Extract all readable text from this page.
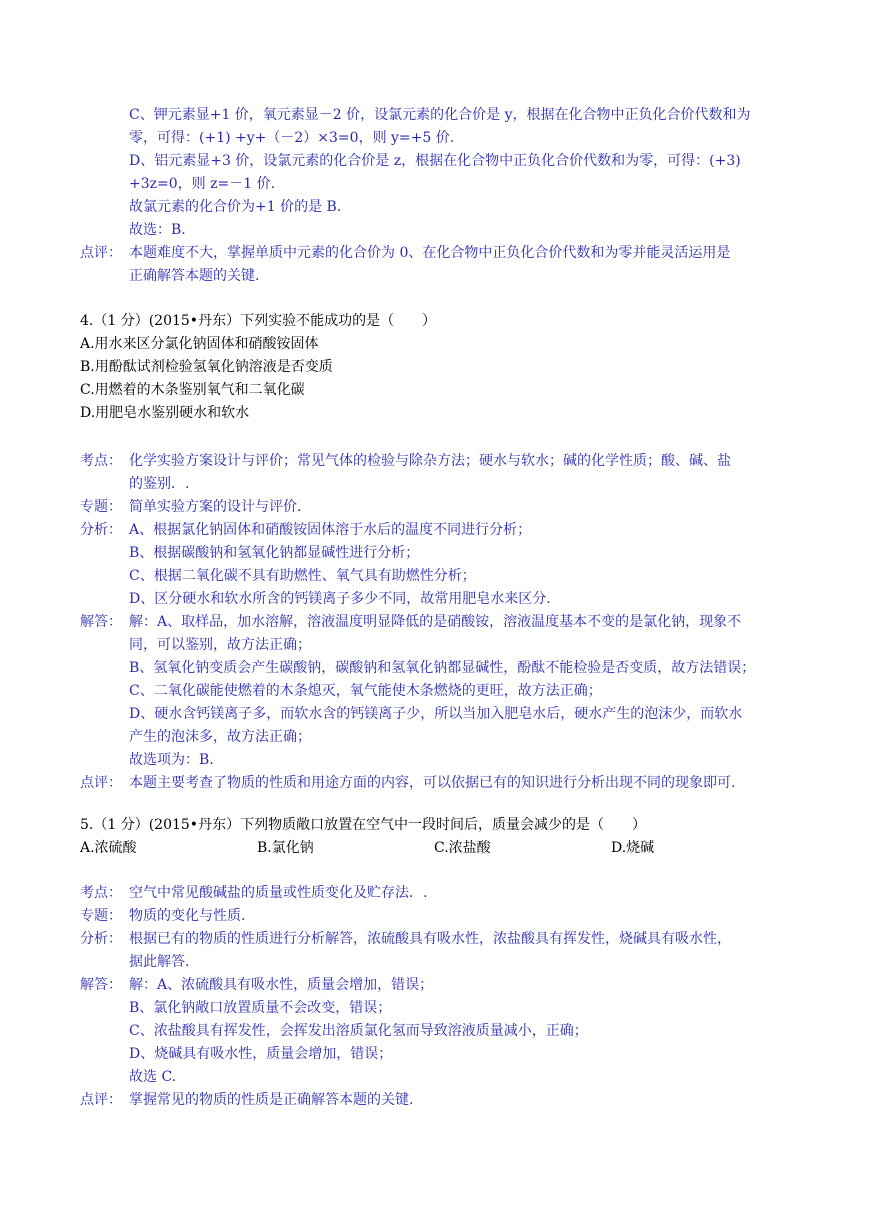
C、钾元素显+1 价，氧元素显－2 价，设氯元素的化合价是 y，根据在化合物中正负化合价代数和为
零，可得：(+1) +y+（－2）×3=0，则 y=+5 价.
D、铝元素显+3 价，设氯元素的化合价是 z，根据在化合物中正负化合价代数和为零，可得：(+3)
+3z=0，则 z=－1 价.
故氯元素的化合价为+1 价的是 B.
故选：B.
点评： 本题难度不大，掌握单质中元素的化合价为 0、在化合物中正负化合价代数和为零并能灵活运用是
正确解答本题的关键.
4.（1 分）(2015•丹东）下列实验不能成功的是（　　）
A.用水来区分氯化钠固体和硝酸铵固体
B.用酚酞试剂检验氢氧化钠溶液是否变质
C.用燃着的木条鉴别氧气和二氧化碳
D.用肥皂水鉴别硬水和软水
考点： 化学实验方案设计与评价；常见气体的检验与除杂方法；硬水与软水；碱的化学性质；酸、碱、盐
的鉴别．.
专题： 简单实验方案的设计与评价．
分析： A、根据氯化钠固体和硝酸铵固体溶于水后的温度不同进行分析；
B、根据碳酸钠和氢氧化钠都显碱性进行分析；
C、根据二氧化碳不具有助燃性、氧气具有助燃性分析；
D、区分硬水和软水所含的钙镁离子多少不同，故常用肥皂水来区分.
解答： 解：A、取样品，加水溶解，溶液温度明显降低的是硝酸铵，溶液温度基本不变的是氯化钠，现象不
同，可以鉴别，故方法正确；
B、氢氧化钠变质会产生碳酸钠，碳酸钠和氢氧化钠都显碱性，酚酞不能检验是否变质，故方法错误；
C、二氧化碳能使燃着的木条熄灭，氧气能使木条燃烧的更旺，故方法正确；
D、硬水含钙镁离子多，而软水含的钙镁离子少，所以当加入肥皂水后，硬水产生的泡沫少，而软水
产生的泡沫多，故方法正确；
故选项为：B.
点评： 本题主要考查了物质的性质和用途方面的内容，可以依据已有的知识进行分析出现不同的现象即可.
5.（1 分）(2015•丹东）下列物质敞口放置在空气中一段时间后，质量会减少的是（　　）
A.浓硫酸	B.氯化钠	C.浓盐酸	D.烧碱
考点： 空气中常见酸碱盐的质量或性质变化及贮存法．.
专题： 物质的变化与性质．
分析： 根据已有的物质的性质进行分析解答，浓硫酸具有吸水性，浓盐酸具有挥发性，烧碱具有吸水性，
据此解答.
解答： 解：A、浓硫酸具有吸水性，质量会增加，错误；
B、氯化钠敞口放置质量不会改变，错误；
C、浓盐酸具有挥发性，会挥发出溶质氯化氢而导致溶液质量减小，正确；
D、烧碱具有吸水性，质量会增加，错误；
故选 C.
点评： 掌握常见的物质的性质是正确解答本题的关键.
